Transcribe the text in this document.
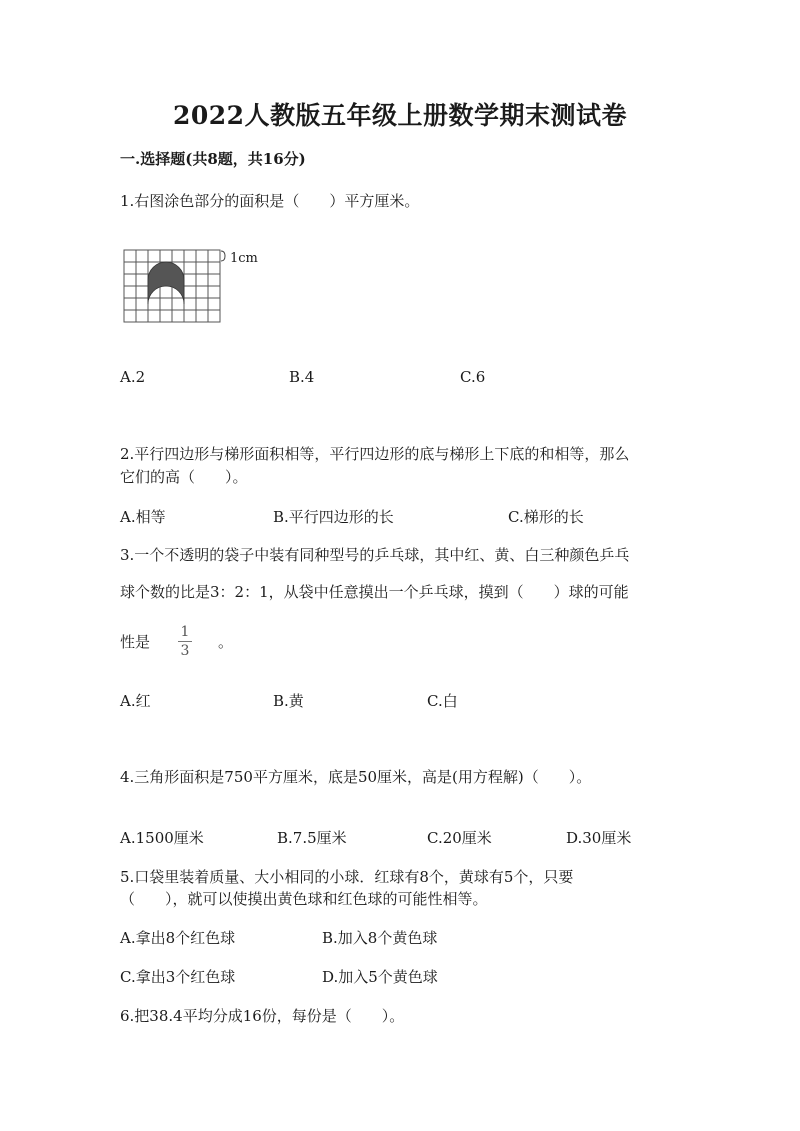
2022人教版五年级上册数学期末测试卷
一.选择题(共8题，共16分)
1.右图涂色部分的面积是（　　）平方厘米。
1cm
A.2	B.4	C.6
2.平行四边形与梯形面积相等，平行四边形的底与梯形上下底的和相等，那么
它们的高（　　）。
A.相等	B.平行四边形的长	C.梯形的长
3.一个不透明的袋子中装有同种型号的乒乓球，其中红、黄、白三种颜色乒乓
球个数的比是3：2：1，从袋中任意摸出一个乒乓球，摸到（　　）球的可能
性是
1
3 。
A.红	B.黄	C.白
4.三角形面积是750平方厘米，底是50厘米，高是(用方程解)（　　）。
A.1500厘米	B.7.5厘米	C.20厘米	D.30厘米
5.口袋里装着质量、大小相同的小球．红球有8个，黄球有5个，只要
（　　），就可以使摸出黄色球和红色球的可能性相等。
A.拿出8个红色球	B.加入8个黄色球
C.拿出3个红色球	D.加入5个黄色球
6.把38.4平均分成16份，每份是（　　）。
